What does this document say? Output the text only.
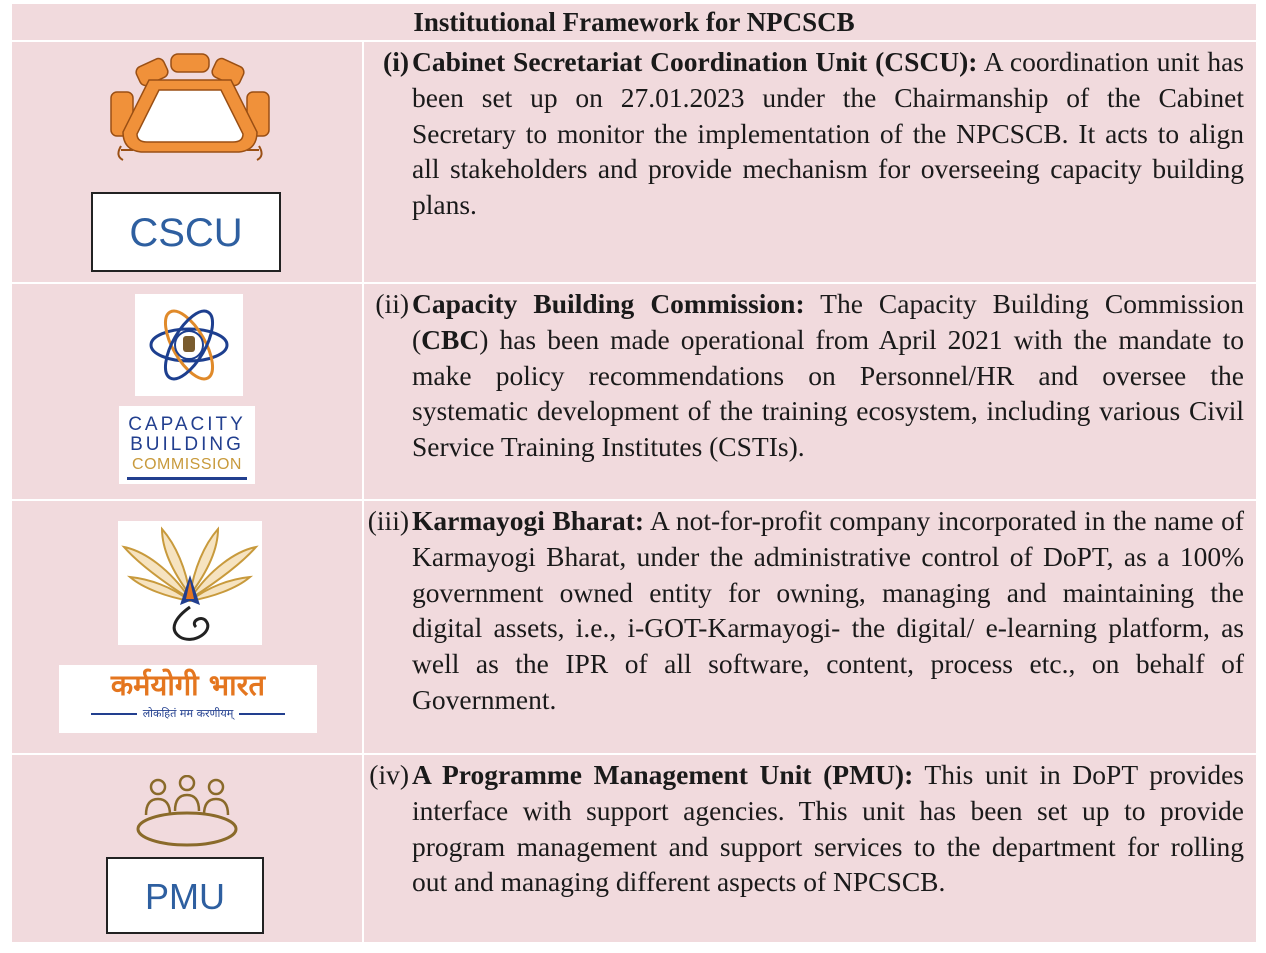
Institutional Framework for NPCSCB
CSCU
(i) Cabinet Secretariat Coordination Unit (CSCU): A coordination unit has been set up on 27.01.2023 under the Chairmanship of the Cabinet Secretary to monitor the implementation of the NPCSCB. It acts to align all stakeholders and provide mechanism for overseeing capacity building plans.
CAPACITY
BUILDING
COMMISSION
(ii) Capacity Building Commission: The Capacity Building Commission (CBC) has been made operational from April 2021 with the mandate to make policy recommendations on Personnel/HR and oversee the systematic development of the training ecosystem, including various Civil Service Training Institutes (CSTIs).
कर्मयोगी भारत
लोकहितं मम करणीयम्
(iii) Karmayogi Bharat: A not-for-profit company incorporated in the name of Karmayogi Bharat, under the administrative control of DoPT, as a 100% government owned entity for owning, managing and maintaining the digital assets, i.e., i-GOT-Karmayogi- the digital/ e-learning platform, as well as the IPR of all software, content, process etc., on behalf of Government.
PMU
(iv) A Programme Management Unit (PMU): This unit in DoPT provides interface with support agencies. This unit has been set up to provide program management and support services to the department for rolling out and managing different aspects of NPCSCB.
